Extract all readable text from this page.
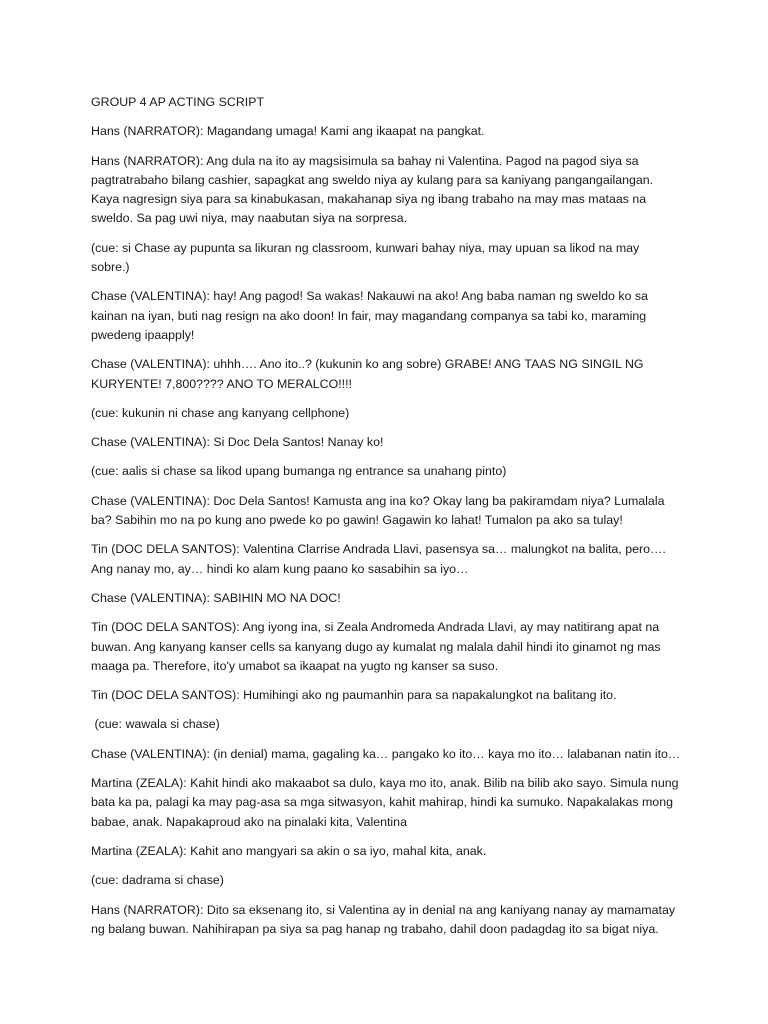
GROUP 4 AP ACTING SCRIPT
Hans (NARRATOR): Magandang umaga! Kami ang ikaapat na pangkat.
Hans (NARRATOR): Ang dula na ito ay magsisimula sa bahay ni Valentina. Pagod na pagod siya sa pagtratrabaho bilang cashier, sapagkat ang sweldo niya ay kulang para sa kaniyang pangangailangan. Kaya nagresign siya para sa kinabukasan, makahanap siya ng ibang trabaho na may mas mataas na sweldo. Sa pag uwi niya, may naabutan siya na sorpresa.
(cue: si Chase ay pupunta sa likuran ng classroom, kunwari bahay niya, may upuan sa likod na may sobre.)
Chase (VALENTINA): hay! Ang pagod! Sa wakas! Nakauwi na ako! Ang baba naman ng sweldo ko sa kainan na iyan, buti nag resign na ako doon! In fair, may magandang companya sa tabi ko, maraming pwedeng ipaapply!
Chase (VALENTINA): uhhh…. Ano ito..? (kukunin ko ang sobre) GRABE! ANG TAAS NG SINGIL NG KURYENTE! 7,800???? ANO TO MERALCO!!!!
(cue: kukunin ni chase ang kanyang cellphone)
Chase (VALENTINA): Si Doc Dela Santos! Nanay ko!
(cue: aalis si chase sa likod upang bumanga ng entrance sa unahang pinto)
Chase (VALENTINA): Doc Dela Santos! Kamusta ang ina ko? Okay lang ba pakiramdam niya? Lumalala ba? Sabihin mo na po kung ano pwede ko po gawin! Gagawin ko lahat! Tumalon pa ako sa tulay!
Tin (DOC DELA SANTOS): Valentina Clarrise Andrada Llavi, pasensya sa… malungkot na balita, pero…. Ang nanay mo, ay… hindi ko alam kung paano ko sasabihin sa iyo…
Chase (VALENTINA): SABIHIN MO NA DOC!
Tin (DOC DELA SANTOS): Ang iyong ina, si Zeala Andromeda Andrada Llavi, ay may natitirang apat na buwan. Ang kanyang kanser cells sa kanyang dugo ay kumalat ng malala dahil hindi ito ginamot ng mas maaga pa. Therefore, ito'y umabot sa ikaapat na yugto ng kanser sa suso.
Tin (DOC DELA SANTOS): Humihingi ako ng paumanhin para sa napakalungkot na balitang ito.
(cue: wawala si chase)
Chase (VALENTINA): (in denial) mama, gagaling ka… pangako ko ito… kaya mo ito… lalabanan natin ito…
Martina (ZEALA): Kahit hindi ako makaabot sa dulo, kaya mo ito, anak. Bilib na bilib ako sayo. Simula nung bata ka pa, palagi ka may pag-asa sa mga sitwasyon, kahit mahirap, hindi ka sumuko. Napakalakas mong babae, anak. Napakaproud ako na pinalaki kita, Valentina
Martina (ZEALA): Kahit ano mangyari sa akin o sa iyo, mahal kita, anak.
(cue: dadrama si chase)
Hans (NARRATOR): Dito sa eksenang ito, si Valentina ay in denial na ang kaniyang nanay ay mamamatay ng balang buwan. Nahihirapan pa siya sa pag hanap ng trabaho, dahil doon padagdag ito sa bigat niya.
